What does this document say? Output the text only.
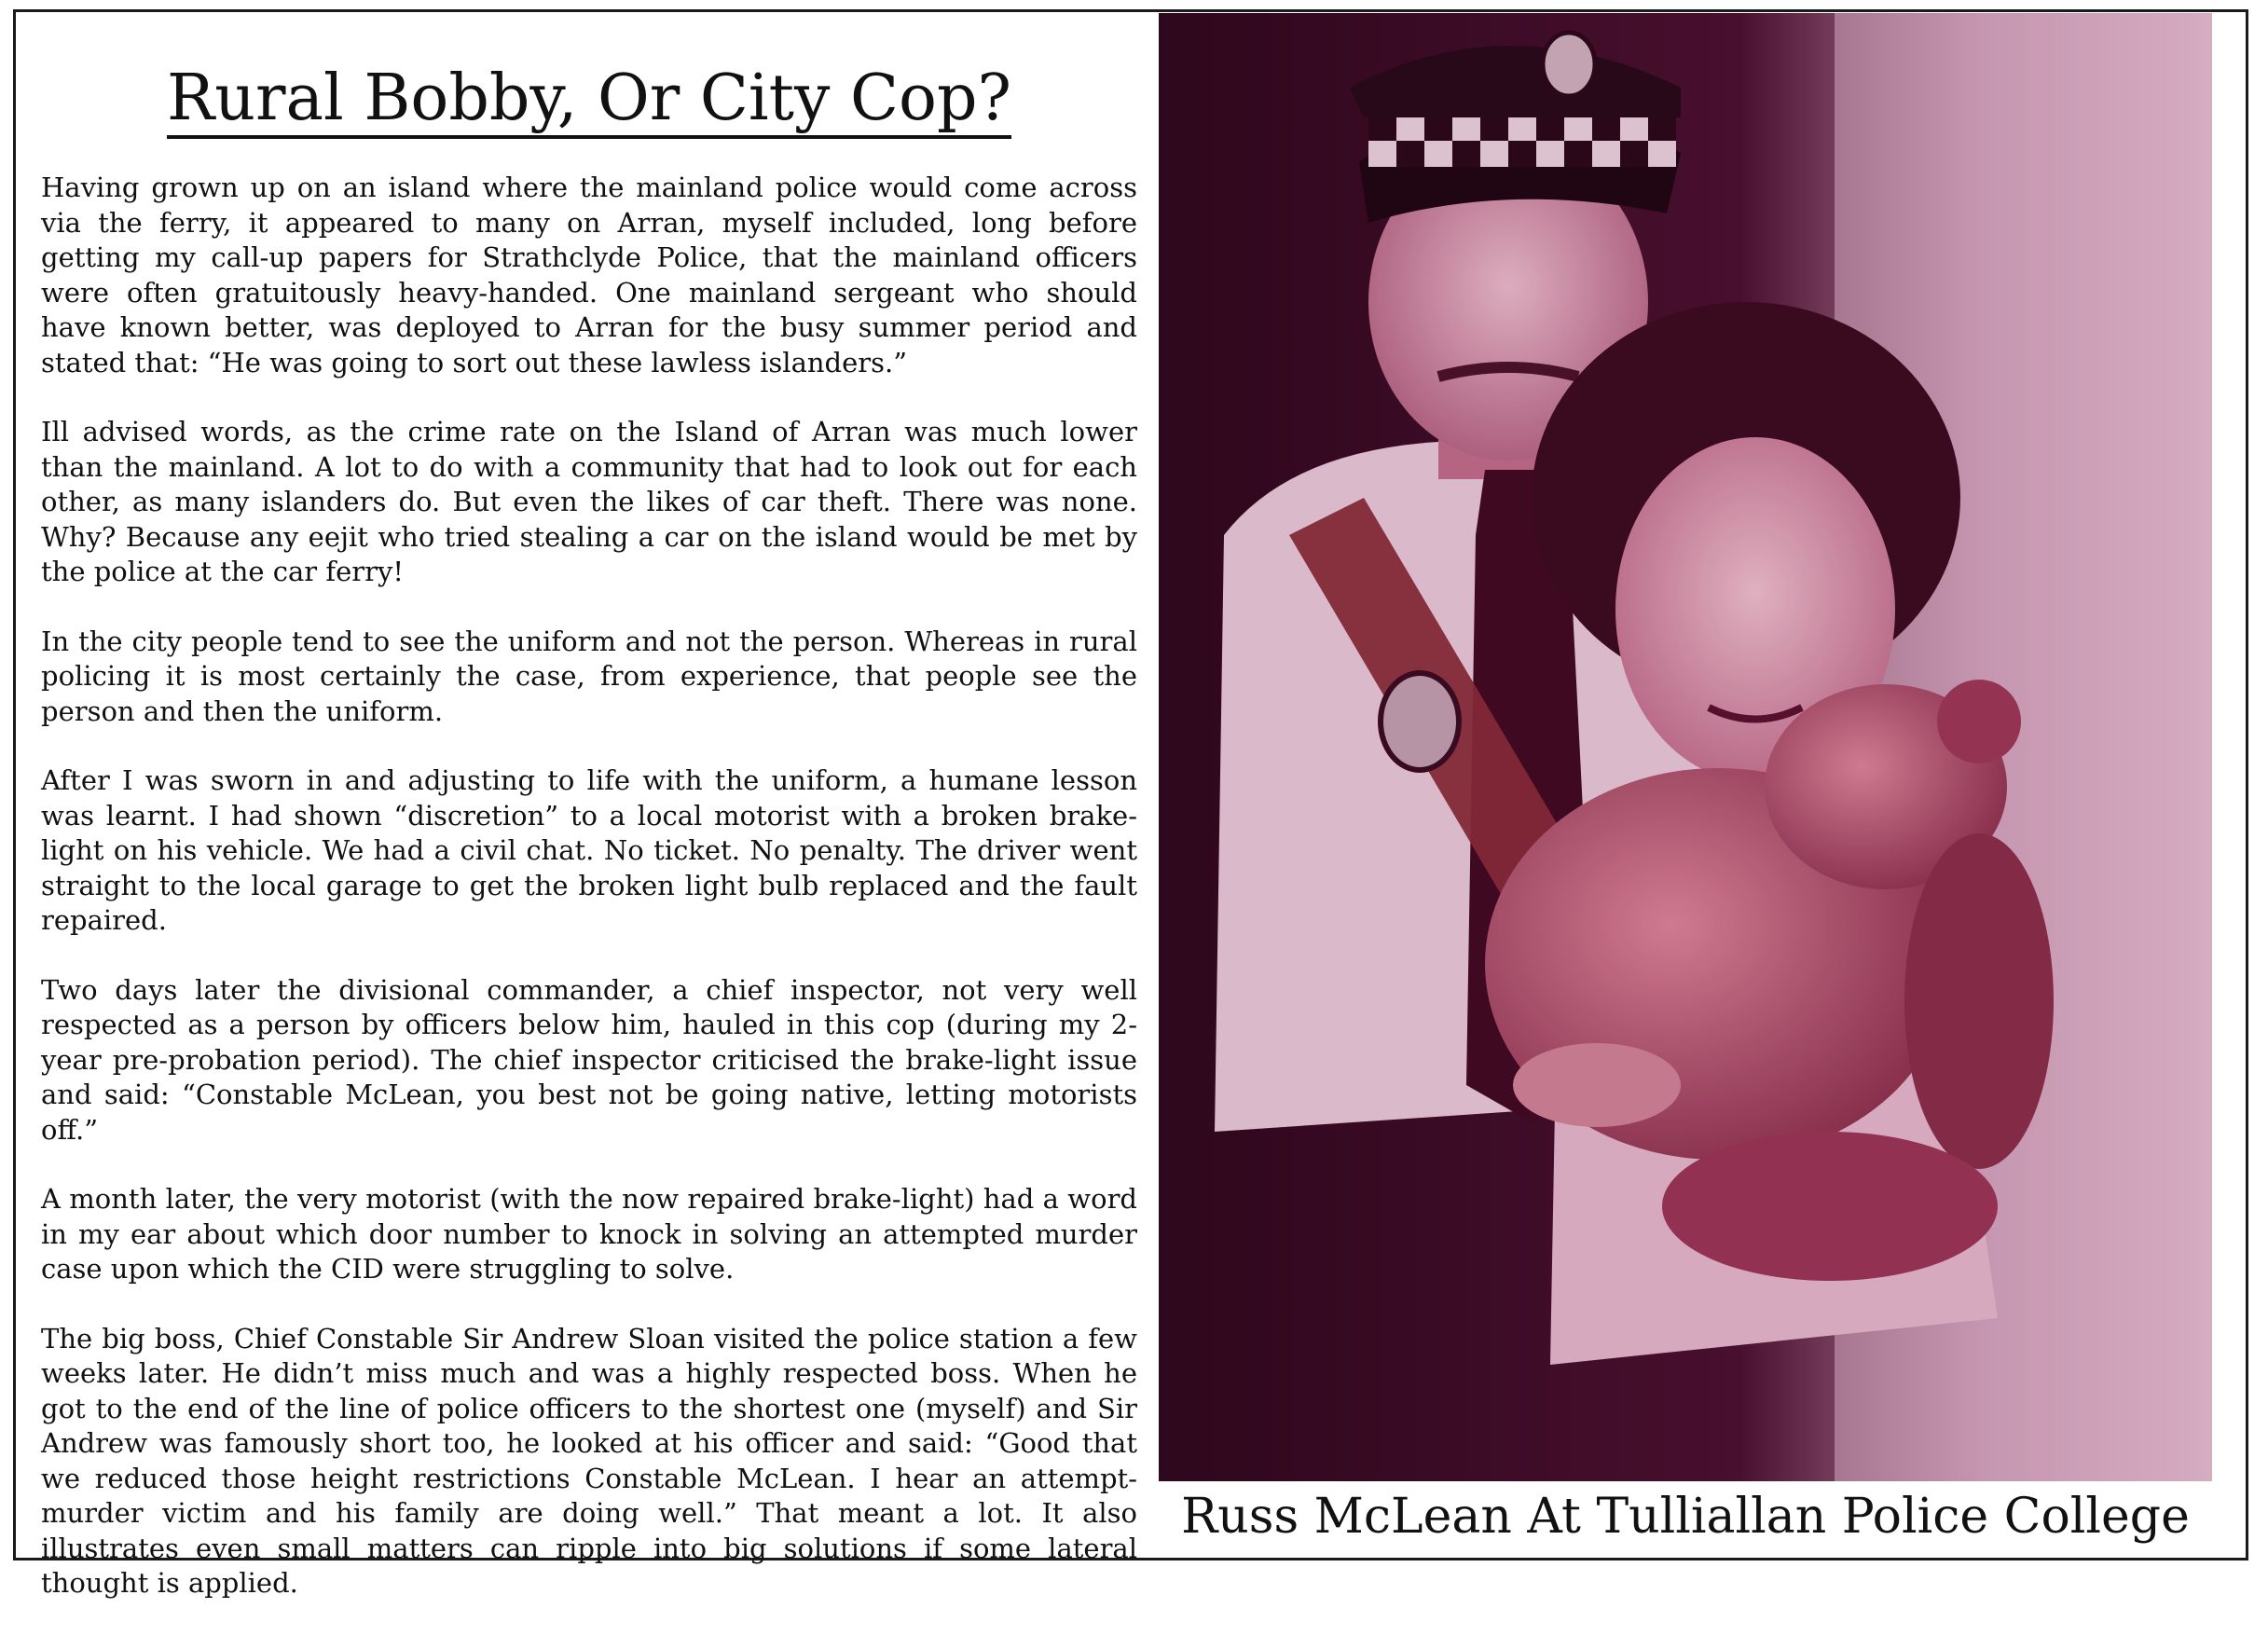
Rural Bobby, Or City Cop?

Having grown up on an island where the mainland police would come across via the ferry, it appeared to many on Arran, myself included, long before getting my call-up papers for Strathclyde Police, that the mainland officers were often gratuitously heavy-handed. One mainland sergeant who should have known better, was deployed to Arran for the busy summer period and stated that: “He was going to sort out these lawless islanders.”

Ill advised words, as the crime rate on the Island of Arran was much lower than the mainland. A lot to do with a community that had to look out for each other, as many islanders do. But even the likes of car theft. There was none. Why? Because any eejit who tried stealing a car on the island would be met by the police at the car ferry!

In the city people tend to see the uniform and not the person. Whereas in rural policing it is most certainly the case, from experience, that people see the person and then the uniform.

After I was sworn in and adjusting to life with the uniform, a humane lesson was learnt. I had shown “discretion” to a local motorist with a broken brake-light on his vehicle. We had a civil chat. No ticket. No penalty. The driver went straight to the local garage to get the broken light bulb replaced and the fault repaired.

Two days later the divisional commander, a chief inspector, not very well respected as a person by officers below him, hauled in this cop (during my 2-year pre-probation period). The chief inspector criticised the brake-light issue and said: “Constable McLean, you best not be going native, letting motorists off.”

A month later, the very motorist (with the now repaired brake-light) had a word in my ear about which door number to knock in solving an attempted murder case upon which the CID were struggling to solve.

The big boss, Chief Constable Sir Andrew Sloan visited the police station a few weeks later. He didn’t miss much and was a highly respected boss. When he got to the end of the line of police officers to the shortest one (myself) and Sir Andrew was famously short too, he looked at his officer and said: “Good that we reduced those height restrictions Constable McLean. I hear an attempt-murder victim and his family are doing well.” That meant a lot. It also illustrates even small matters can ripple into big solutions if some lateral thought is applied.

Russ McLean At Tulliallan Police College
